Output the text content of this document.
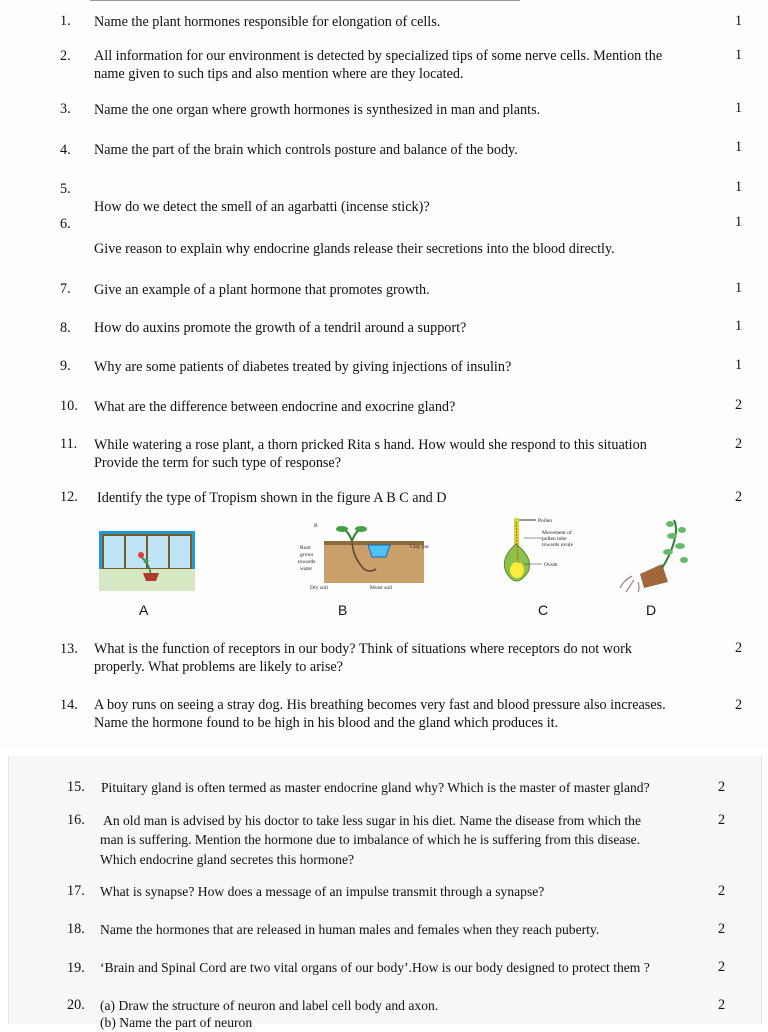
1. Name the plant hormones responsible for elongation of cells.	1
2. All information for our environment is detected by specialized tips of some nerve cells. Mention the
name given to such tips and also mention where are they located.
1
3. Name the one organ where growth hormones is synthesized in man and plants.	1
4. Name the part of the brain which controls posture and balance of the body.	1
5.
How do we detect the smell of an agarbatti (incense stick)?
1
6.
Give reason to explain why endocrine glands release their secretions into the blood directly.
1
7. Give an example of a plant hormone that promotes growth.	1
8. How do auxins promote the growth of a tendril around a support?	1
9. Why are some patients of diabetes treated by giving injections of insulin?	1
10. What are the difference between endocrine and exocrine gland?	2
11. While watering a rose plant, a thorn pricked Rita s hand. How would she respond to this situation
Provide the term for such type of response?
2
12. Identify the type of Tropism shown in the figure A B C and D	2
B
Root
grows
towards
water
Clay pot
Dry soil	Moist soil
Pollen
Movement of
pollen tube
towards ovule
Ovule
A	B	C	D
13. What is the function of receptors in our body? Think of situations where receptors do not work
properly. What problems are likely to arise?
2
14. A boy runs on seeing a stray dog. His breathing becomes very fast and blood pressure also increases.
Name the hormone found to be high in his blood and the gland which produces it.
2
15. Pituitary gland is often termed as master endocrine gland why? Which is the master of master gland?	2
16. An old man is advised by his doctor to take less sugar in his diet. Name the disease from which the
man is suffering. Mention the hormone due to imbalance of which he is suffering from this disease.
Which endocrine gland secretes this hormone?
2
17. What is synapse? How does a message of an impulse transmit through a synapse?	2
18. Name the hormones that are released in human males and females when they reach puberty.	2
19. ‘Brain and Spinal Cord are two vital organs of our body’.How is our body designed to protect them ?	2
20. (a) Draw the structure of neuron and label cell body and axon.
(b) Name the part of neuron
2
